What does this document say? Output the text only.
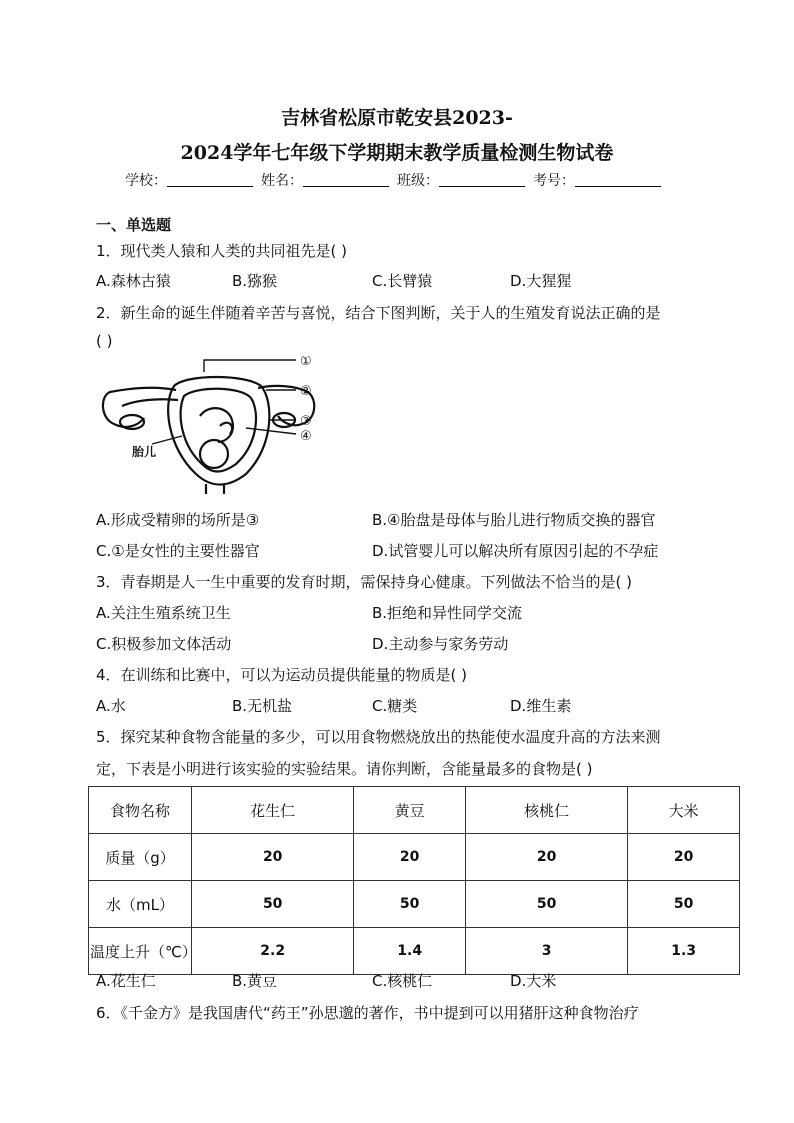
吉林省松原市乾安县2023-
2024学年七年级下学期期末教学质量检测生物试卷
学校：	姓名：	班级：	考号：
一、单选题
1．现代类人猿和人类的共同祖先是( )
A.森林古猿	B.猕猴	C.长臂猿	D.大猩猩
2．新生命的诞生伴随着辛苦与喜悦，结合下图判断，关于人的生殖发育说法正确的是
( )
①
②
③
④
胎儿
A.形成受精卵的场所是③	B.④胎盘是母体与胎儿进行物质交换的器官
C.①是女性的主要性器官	D.试管婴儿可以解决所有原因引起的不孕症
3．青春期是人一生中重要的发育时期，需保持身心健康。下列做法不恰当的是( )
A.关注生殖系统卫生	B.拒绝和异性同学交流
C.积极参加文体活动	D.主动参与家务劳动
4．在训练和比赛中，可以为运动员提供能量的物质是( )
A.水	B.无机盐	C.糖类	D.维生素
5．探究某种食物含能量的多少，可以用食物燃烧放出的热能使水温度升高的方法来测
定，下表是小明进行该实验的实验结果。请你判断，含能量最多的食物是( )
食物名称	花生仁	黄豆	核桃仁	大米
质量（g）	20	20	20	20
水（mL）	50	50	50	50
温度上升（℃）	2.2	1.4	3	1.3
A.花生仁	B.黄豆	C.核桃仁	D.大米
6．《千金方》是我国唐代“药王”孙思邈的著作，书中提到可以用猪肝这种食物治疗
